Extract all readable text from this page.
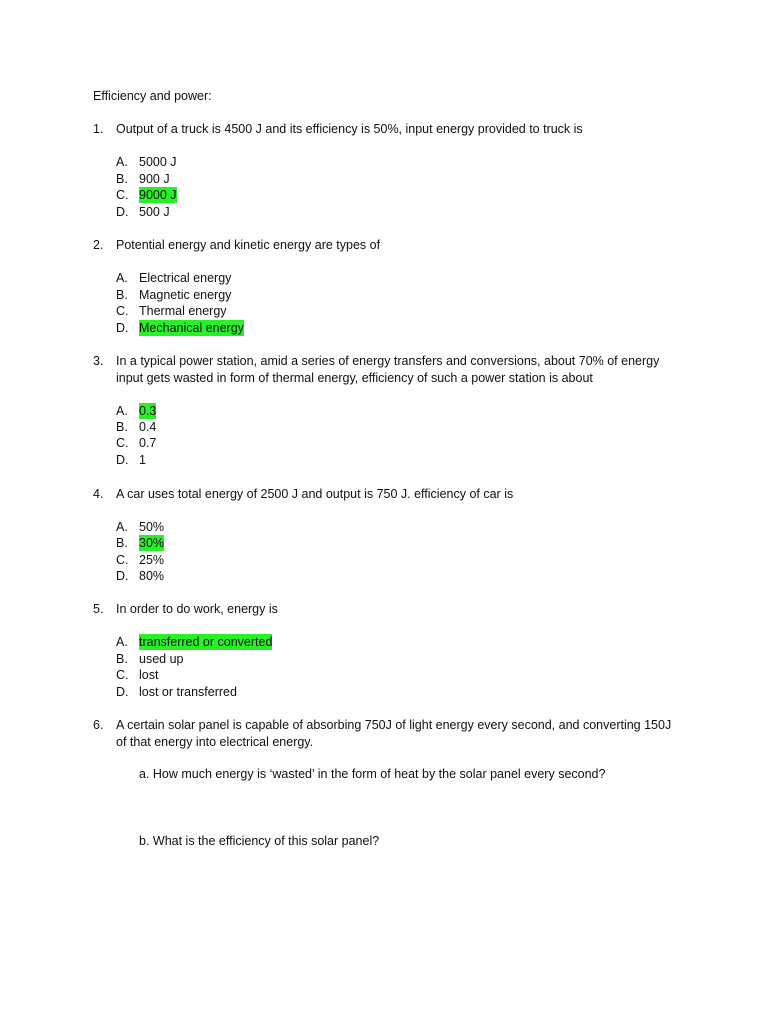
Efficiency and power:
1. Output of a truck is 4500 J and its efficiency is 50%, input energy provided to truck is
A. 5000 J
B. 900 J
C. 9000 J
D. 500 J
2. Potential energy and kinetic energy are types of
A. Electrical energy
B. Magnetic energy
C. Thermal energy
D. Mechanical energy
3. In a typical power station, amid a series of energy transfers and conversions, about 70% of energy input gets wasted in form of thermal energy, efficiency of such a power station is about
A. 0.3
B. 0.4
C. 0.7
D. 1
4. A car uses total energy of 2500 J and output is 750 J. efficiency of car is
A. 50%
B. 30%
C. 25%
D. 80%
5. In order to do work, energy is
A. transferred or converted
B. used up
C. lost
D. lost or transferred
6. A certain solar panel is capable of absorbing 750J of light energy every second, and converting 150J of that energy into electrical energy.
a. How much energy is ‘wasted’ in the form of heat by the solar panel every second?
b. What is the efficiency of this solar panel?
